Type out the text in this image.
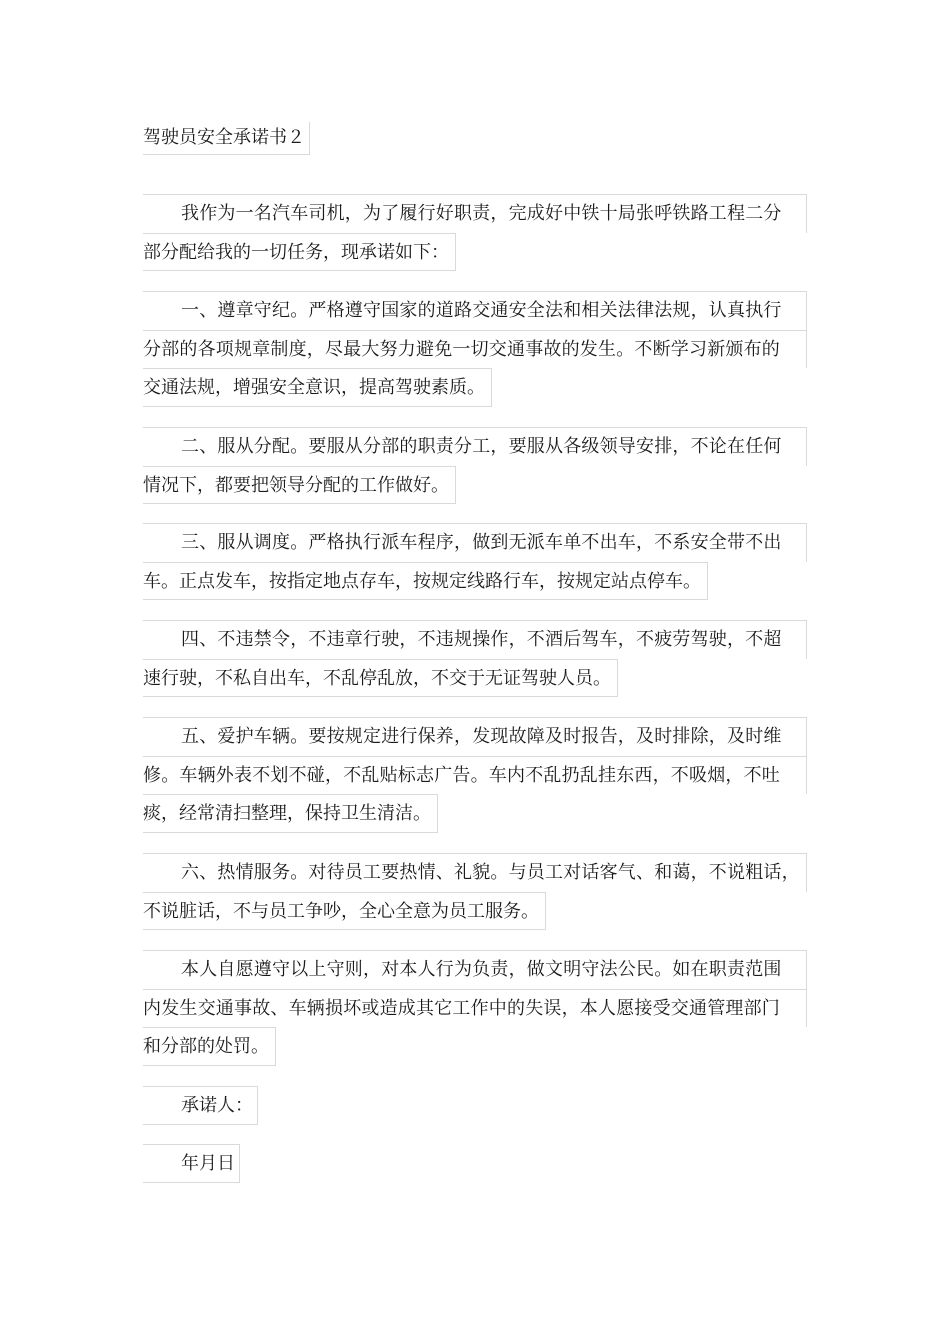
驾驶员安全承诺书２
我作为一名汽车司机，为了履行好职责，完成好中铁十局张呼铁路工程二分
部分配给我的一切任务，现承诺如下：
一、遵章守纪。严格遵守国家的道路交通安全法和相关法律法规，认真执行
分部的各项规章制度，尽最大努力避免一切交通事故的发生。不断学习新颁布的
交通法规，增强安全意识，提高驾驶素质。
二、服从分配。要服从分部的职责分工，要服从各级领导安排，不论在任何
情况下，都要把领导分配的工作做好。
三、服从调度。严格执行派车程序，做到无派车单不出车，不系安全带不出
车。正点发车，按指定地点存车，按规定线路行车，按规定站点停车。
四、不违禁令，不违章行驶，不违规操作，不酒后驾车，不疲劳驾驶，不超
速行驶，不私自出车，不乱停乱放，不交于无证驾驶人员。
五、爱护车辆。要按规定进行保养，发现故障及时报告，及时排除，及时维
修。车辆外表不划不碰，不乱贴标志广告。车内不乱扔乱挂东西，不吸烟，不吐
痰，经常清扫整理，保持卫生清洁。
六、热情服务。对待员工要热情、礼貌。与员工对话客气、和蔼，不说粗话，
不说脏话，不与员工争吵，全心全意为员工服务。
本人自愿遵守以上守则，对本人行为负责，做文明守法公民。如在职责范围
内发生交通事故、车辆损坏或造成其它工作中的失误，本人愿接受交通管理部门
和分部的处罚。
承诺人：
年月日
